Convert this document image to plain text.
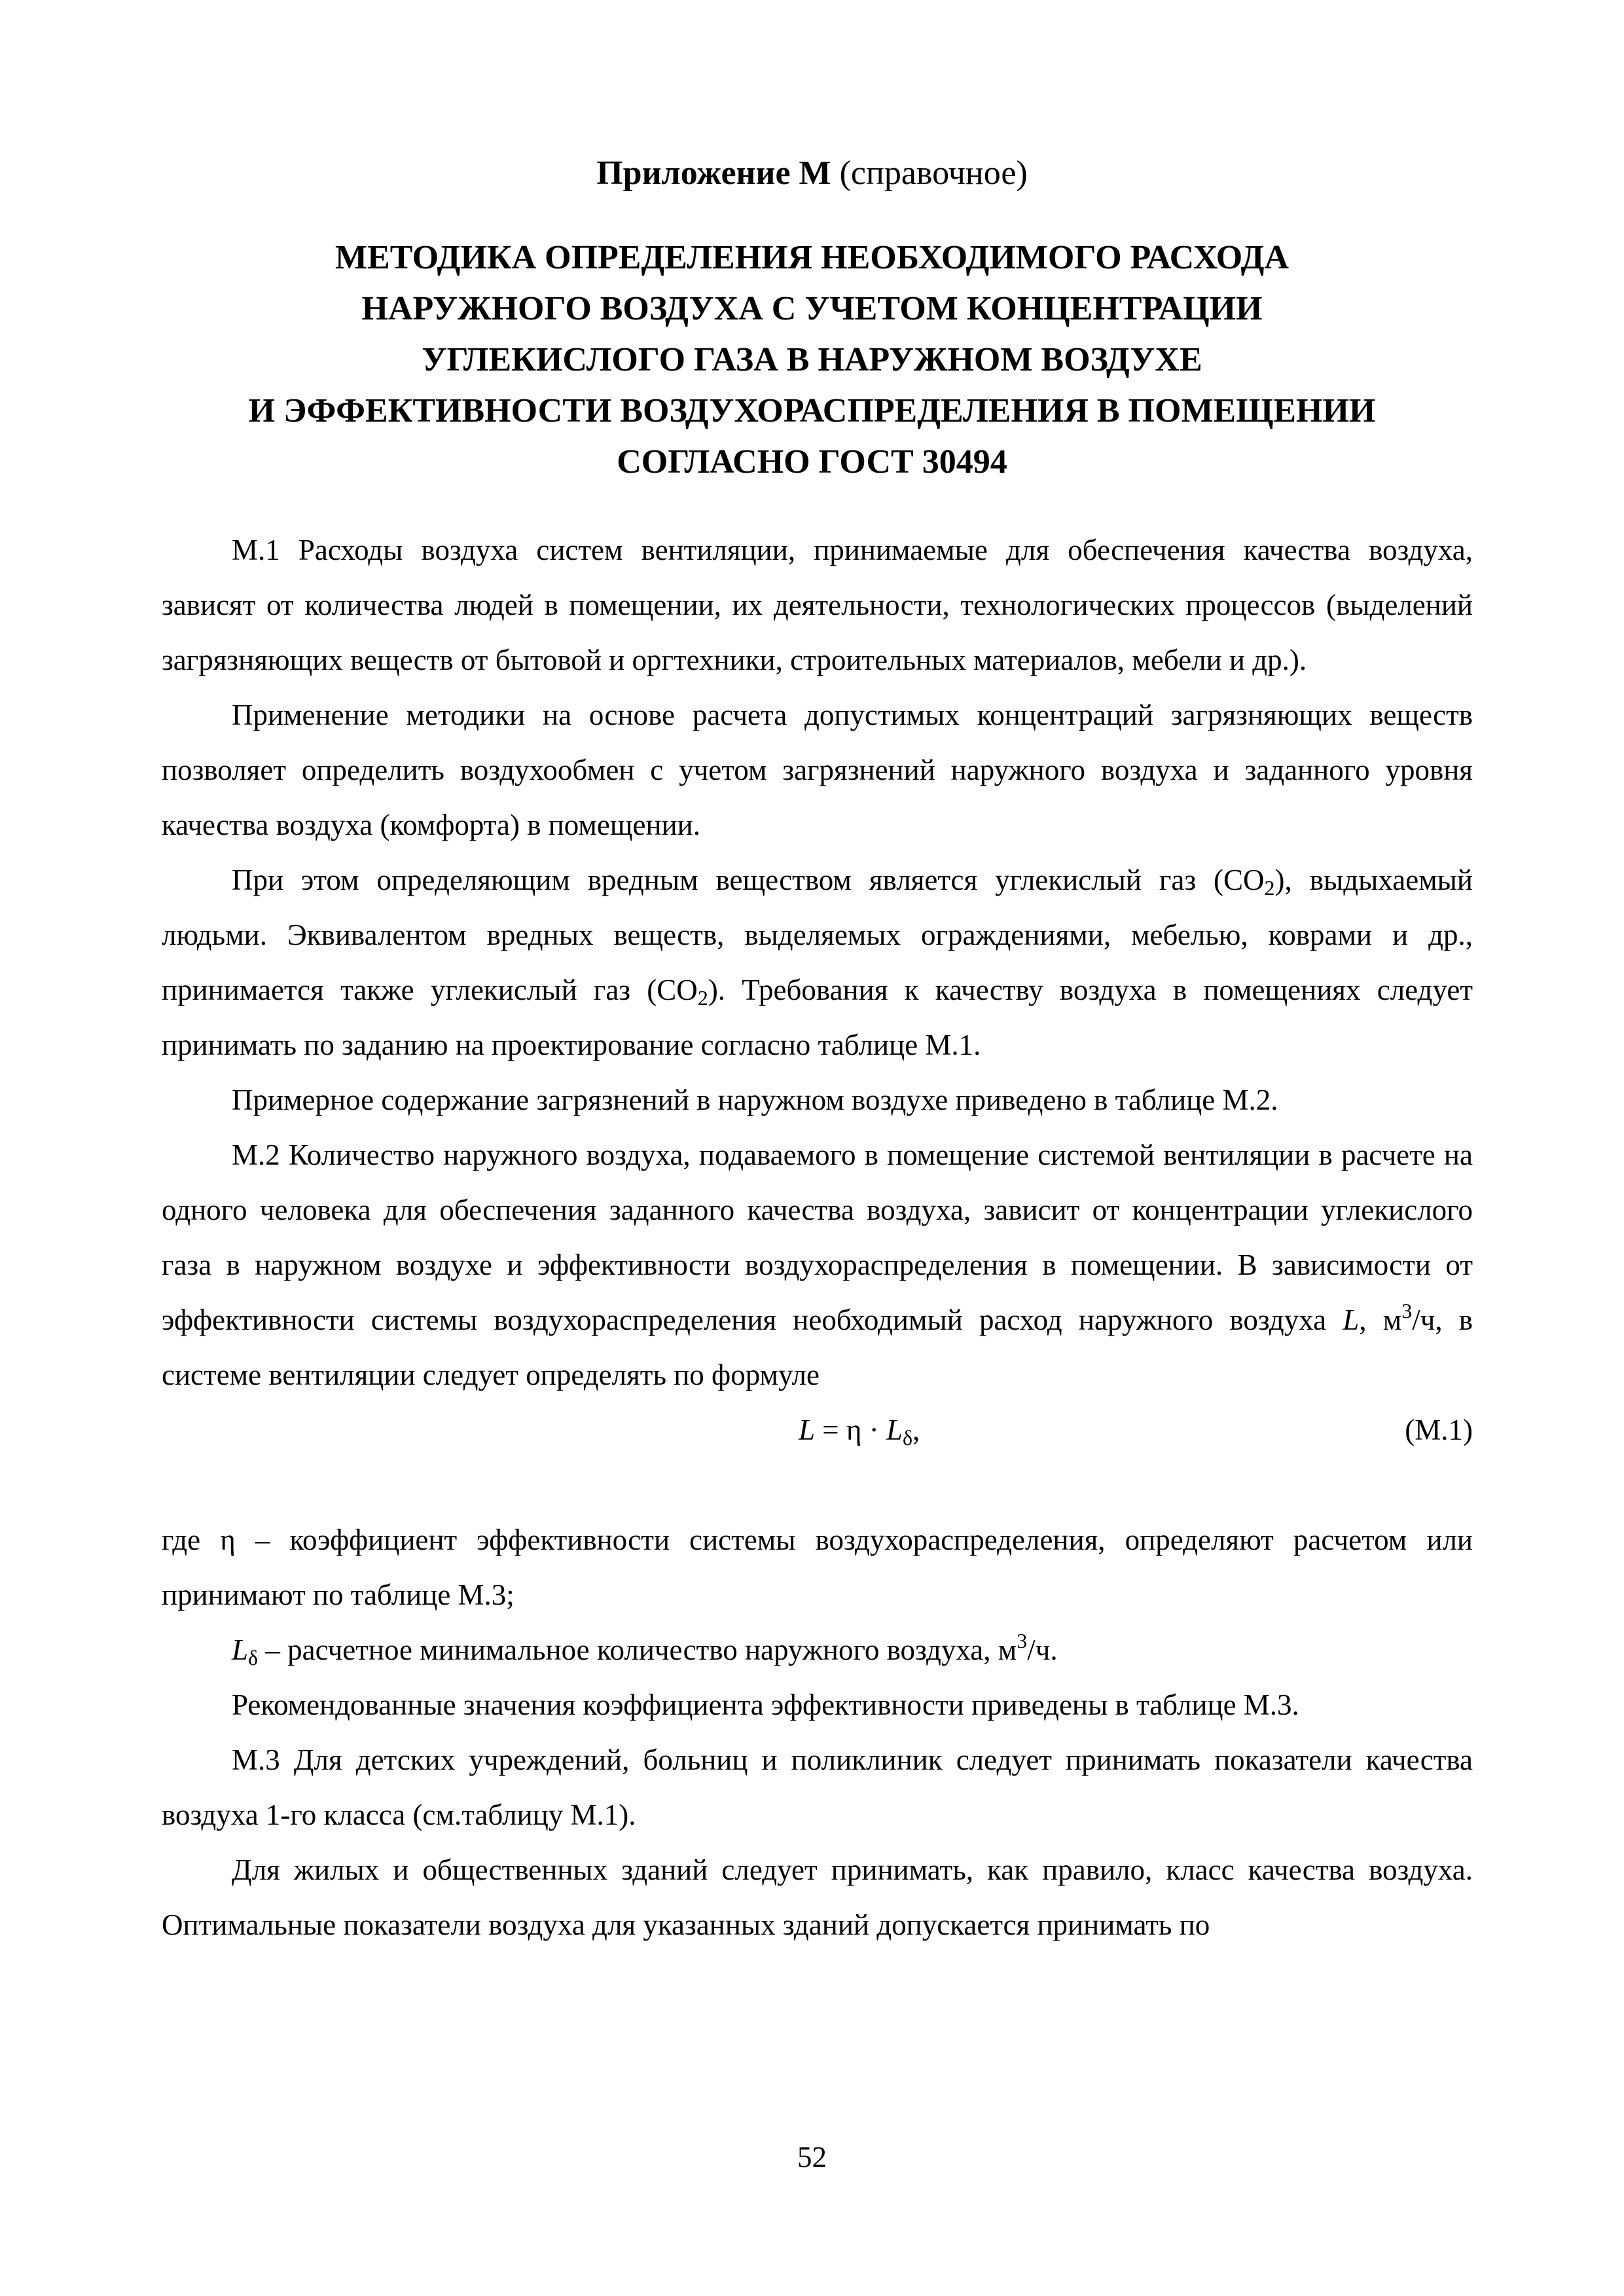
Приложение М (справочное)
МЕТОДИКА ОПРЕДЕЛЕНИЯ НЕОБХОДИМОГО РАСХОДА
НАРУЖНОГО ВОЗДУХА С УЧЕТОМ КОНЦЕНТРАЦИИ
УГЛЕКИСЛОГО ГАЗА В НАРУЖНОМ ВОЗДУХЕ
И ЭФФЕКТИВНОСТИ ВОЗДУХОРАСПРЕДЕЛЕНИЯ В ПОМЕЩЕНИИ
СОГЛАСНО ГОСТ 30494

М.1 Расходы воздуха систем вентиляции, принимаемые для обеспечения качества воздуха, зависят от количества людей в помещении, их деятельности, технологических процессов (выделений загрязняющих веществ от бытовой и оргтехники, строительных материалов, мебели и др.).

Применение методики на основе расчета допустимых концентраций загрязняющих веществ позволяет определить воздухообмен с учетом загрязнений наружного воздуха и заданного уровня качества воздуха (комфорта) в помещении.

При этом определяющим вредным веществом является углекислый газ $(СО_2)$, выдыхаемый людьми. Эквивалентом вредных веществ, выделяемых ограждениями, мебелью, коврами и др., принимается также углекислый газ $(СО_2)$. Требования к качеству воздуха в помещениях следует принимать по заданию на проектирование согласно таблице М.1.

Примерное содержание загрязнений в наружном воздухе приведено в таблице М.2.

М.2 Количество наружного воздуха, подаваемого в помещение системой вентиляции в расчете на одного человека для обеспечения заданного качества воздуха, зависит от концентрации углекислого газа в наружном воздухе и эффективности воздухораспределения в помещении. В зависимости от эффективности системы воздухораспределения необходимый расход наружного воздуха L, $м^3/ч$, в системе вентиляции следует определять по формуле

$L = \eta \cdot L_\delta$,	(М.1)

где η – коэффициент эффективности системы воздухораспределения, определяют расчетом или принимают по таблице М.3;

$L_\delta$ – расчетное минимальное количество наружного воздуха, $м^3/ч$.

Рекомендованные значения коэффициента эффективности приведены в таблице М.3.

М.3 Для детских учреждений, больниц и поликлиник следует принимать показатели качества воздуха 1-го класса (см.таблицу М.1).

Для жилых и общественных зданий следует принимать, как правило, класс качества воздуха. Оптимальные показатели воздуха для указанных зданий допускается принимать по

52
